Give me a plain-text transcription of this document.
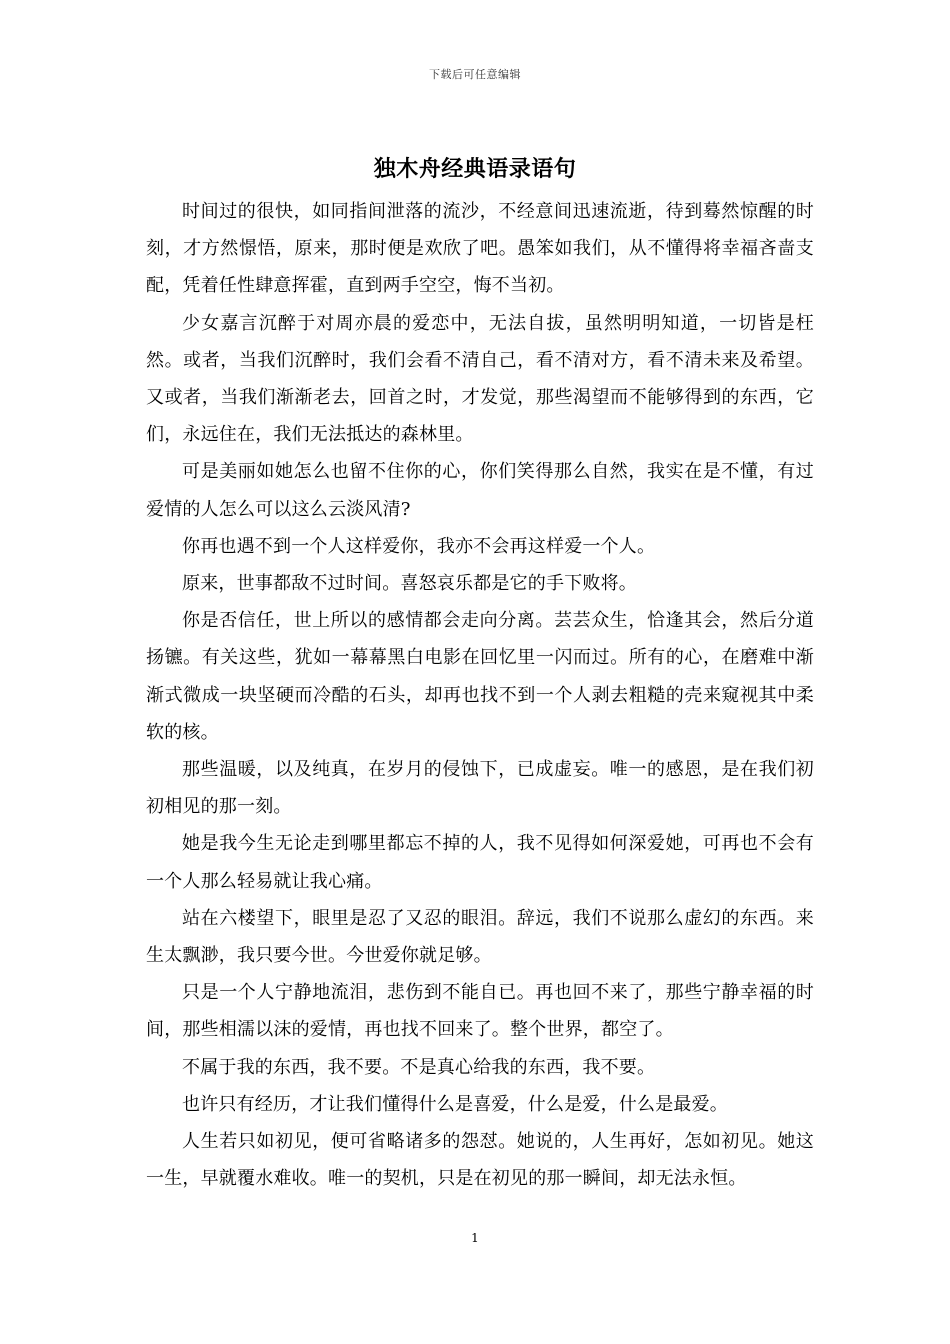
下载后可任意编辑
独木舟经典语录语句

时间过的很快，如同指间泄落的流沙，不经意间迅速流逝，待到蓦然惊醒的时刻，才方然憬悟，原来，那时便是欢欣了吧。愚笨如我们，从不懂得将幸福吝啬支配，凭着任性肆意挥霍，直到两手空空，悔不当初。

少女嘉言沉醉于对周亦晨的爱恋中，无法自拔，虽然明明知道，一切皆是枉然。或者，当我们沉醉时，我们会看不清自己，看不清对方，看不清未来及希望。又或者，当我们渐渐老去，回首之时，才发觉，那些渴望而不能够得到的东西，它们，永远住在，我们无法抵达的森林里。

可是美丽如她怎么也留不住你的心，你们笑得那么自然，我实在是不懂，有过爱情的人怎么可以这么云淡风清?

你再也遇不到一个人这样爱你，我亦不会再这样爱一个人。

原来，世事都敌不过时间。喜怒哀乐都是它的手下败将。

你是否信任，世上所以的感情都会走向分离。芸芸众生，恰逢其会，然后分道扬镳。有关这些，犹如一幕幕黑白电影在回忆里一闪而过。所有的心，在磨难中渐渐式微成一块坚硬而冷酷的石头，却再也找不到一个人剥去粗糙的壳来窥视其中柔软的核。

那些温暖，以及纯真，在岁月的侵蚀下，已成虚妄。唯一的感恩，是在我们初初相见的那一刻。

她是我今生无论走到哪里都忘不掉的人，我不见得如何深爱她，可再也不会有一个人那么轻易就让我心痛。

站在六楼望下，眼里是忍了又忍的眼泪。辞远，我们不说那么虚幻的东西。来生太飘渺，我只要今世。今世爱你就足够。

只是一个人宁静地流泪，悲伤到不能自已。再也回不来了，那些宁静幸福的时间，那些相濡以沫的爱情，再也找不回来了。整个世界，都空了。

不属于我的东西，我不要。不是真心给我的东西，我不要。

也许只有经历，才让我们懂得什么是喜爱，什么是爱，什么是最爱。

人生若只如初见，便可省略诸多的怨怼。她说的，人生再好，怎如初见。她这一生，早就覆水难收。唯一的契机，只是在初见的那一瞬间，却无法永恒。

1
